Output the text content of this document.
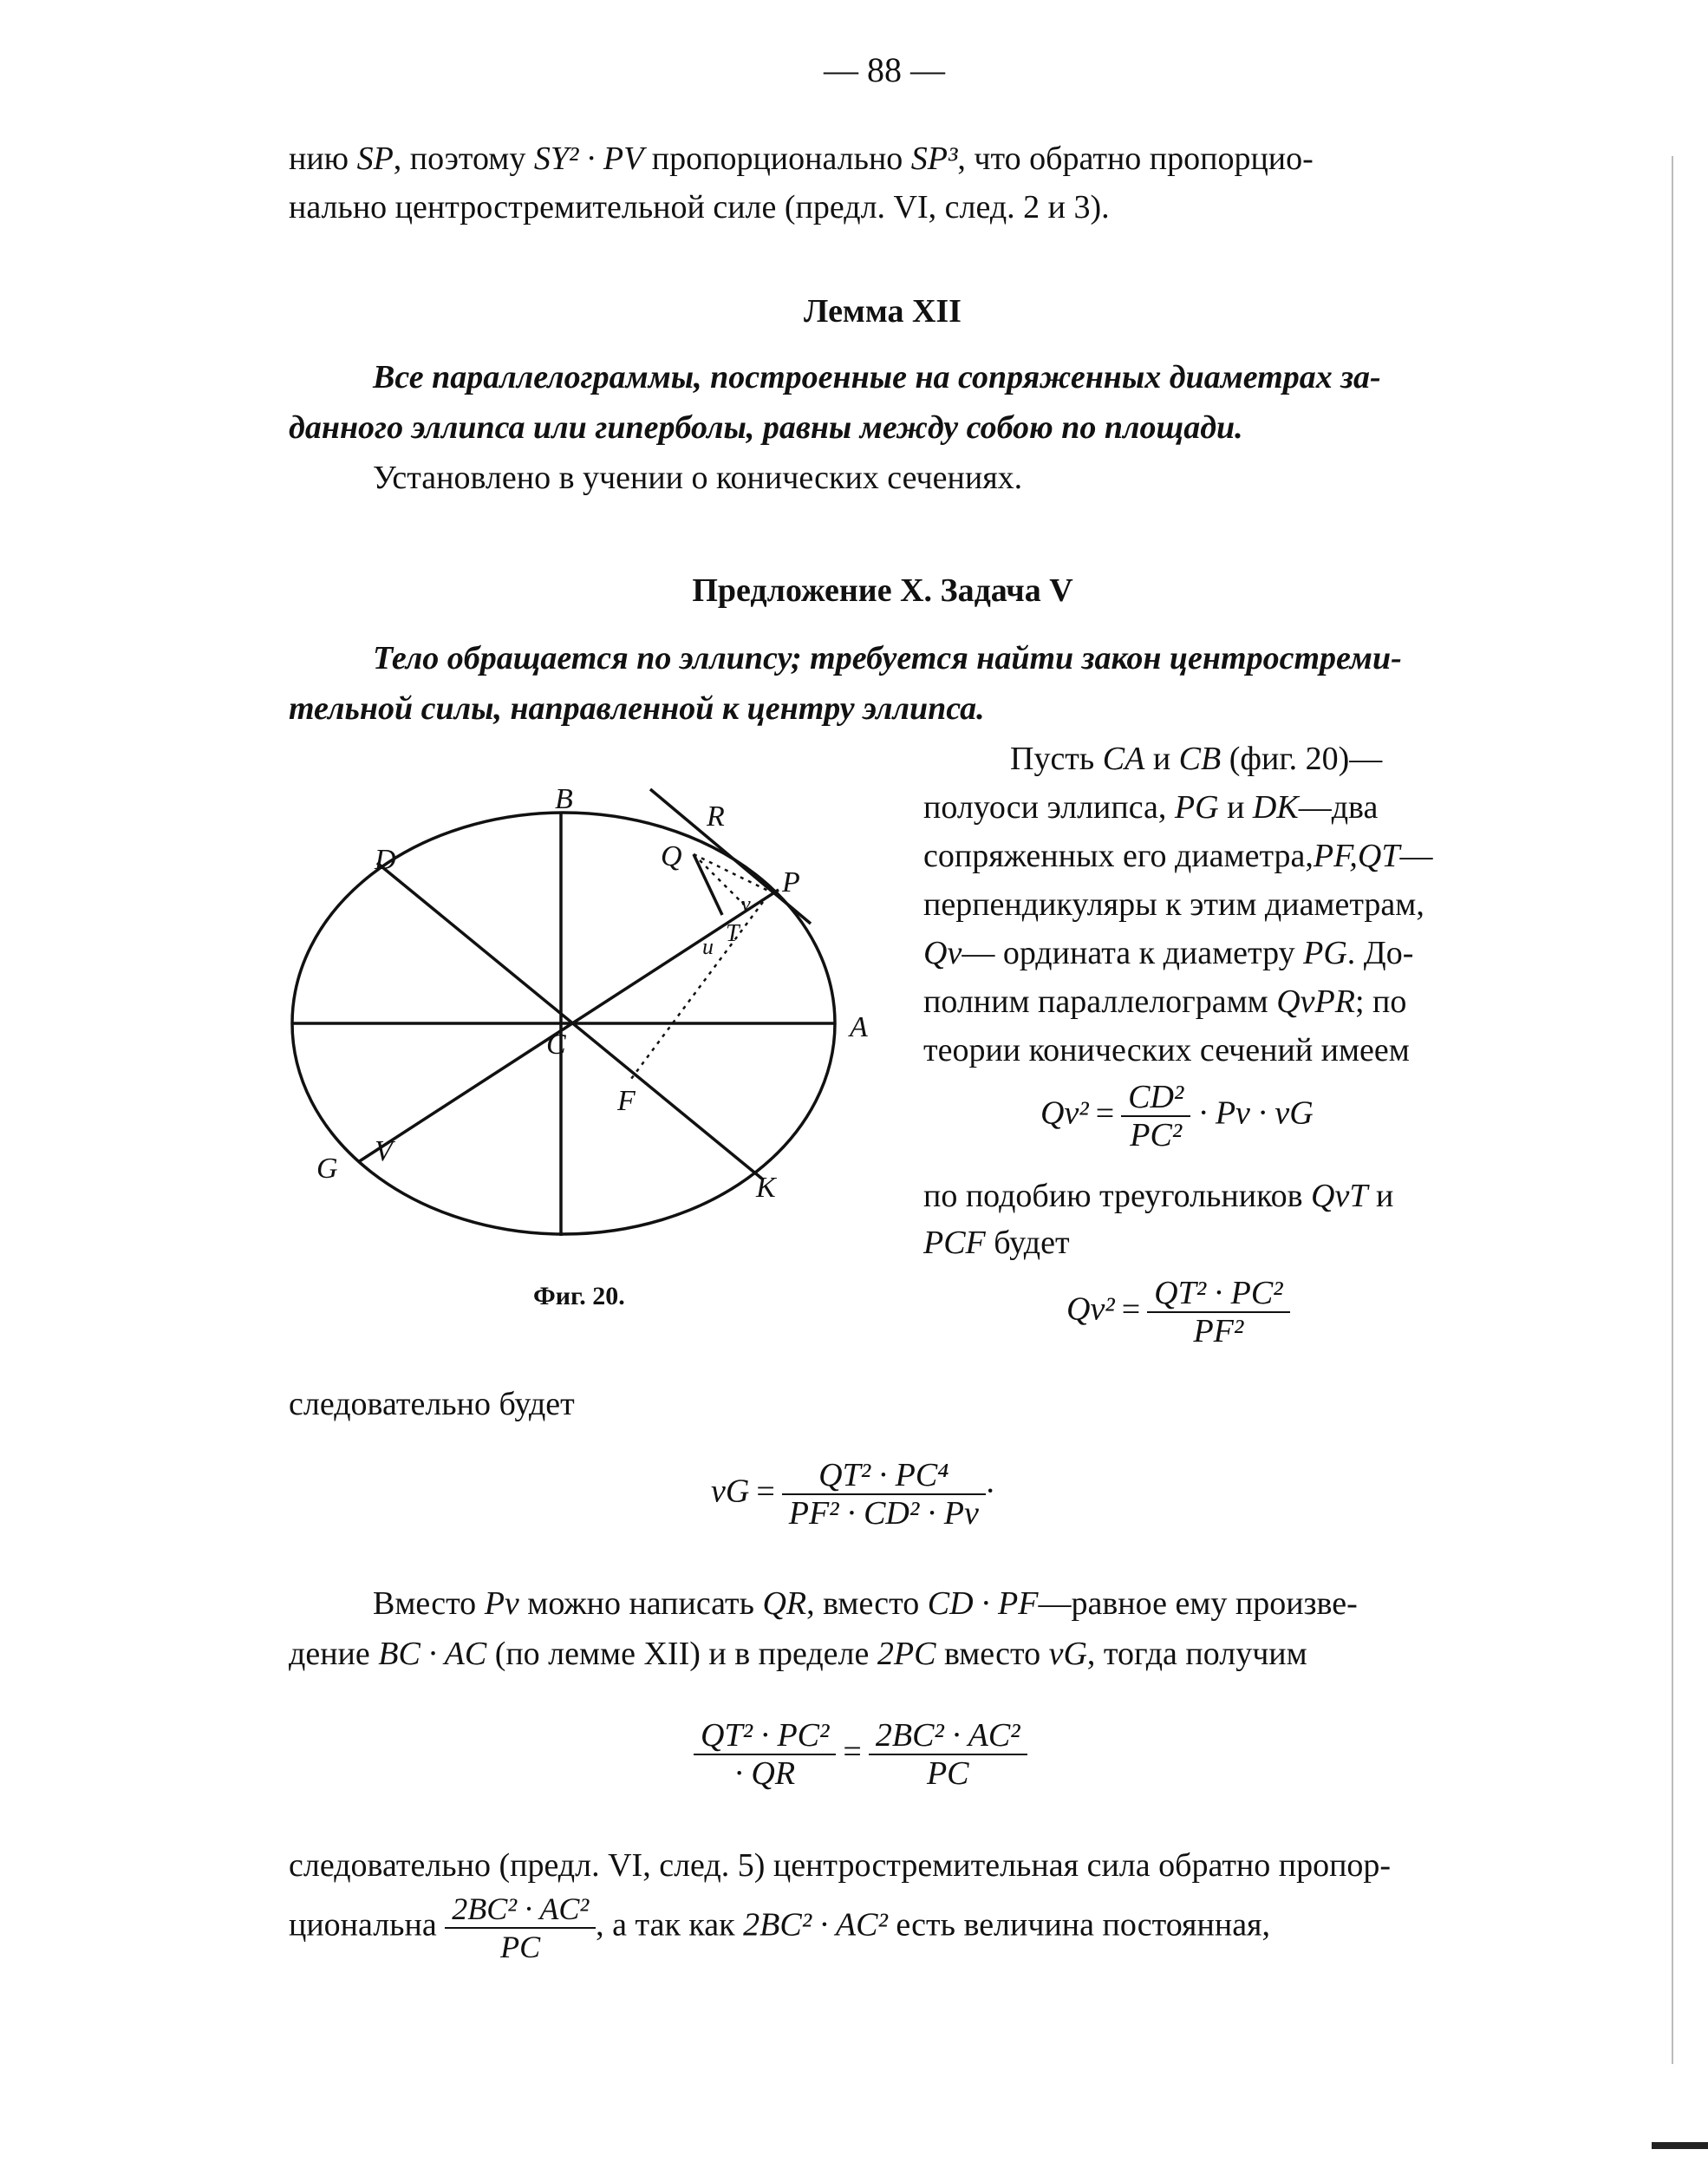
— 88 —
нию SP, поэтому SY² · PV пропорционально SP³, что обратно пропорцио-
нально центростремительной силе (предл. VI, след. 2 и 3).
Лемма XII
Все параллелограммы, построенные на сопряженных диаметрах за-
данного эллипса или гиперболы, равны между собою по площади.
Установлено в учении о конических сечениях.
Предложение X. Задача V
Тело обращается по эллипсу; требуется найти закон центростреми-
тельной силы, направленной к центру эллипса.
B
R
D	Q
P
v
T
u
A
C
F
G
V
K
Фиг. 20.
Пусть CA и CB (фиг. 20)—
полуоси эллипса, PG и DK—два
сопряженных его диаметра,PF,QT—
перпендикуляры к этим диаметрам,
Qv— ордината к диаметру PG. До-
полним параллелограмм QvPR; по
теории конических сечений имеем
$Qv^2 = \frac{\text{CD²}}{\text{PC²}} \cdot Pv$ · vG
по подобию треугольников QvT и
PCF будет
$Qv^2 = \frac{\text{QT² · PC²}}{\text{PF²}}$
следовательно будет
vG = $\frac{\text{QT² · PC⁴}}{\text{PF² · CD² · Pv}}$ ·
Вместо Pv можно написать QR, вместо CD · PF—равное ему произве-
дение BC · AC (по лемме XII) и в пределе 2PC вместо vG, тогда получим
$\frac{\text{QT² · PC²}}{\cdot QR} = \frac{\text{2BC² · AC²}}{PC}$
следовательно (предл. VI, след. 5) центростремительная сила обратно пропор-
циональна $\frac{\text{2BC² · AC²}}{PC}$ , а так как 2BC² · AC² есть величина постоянная,
